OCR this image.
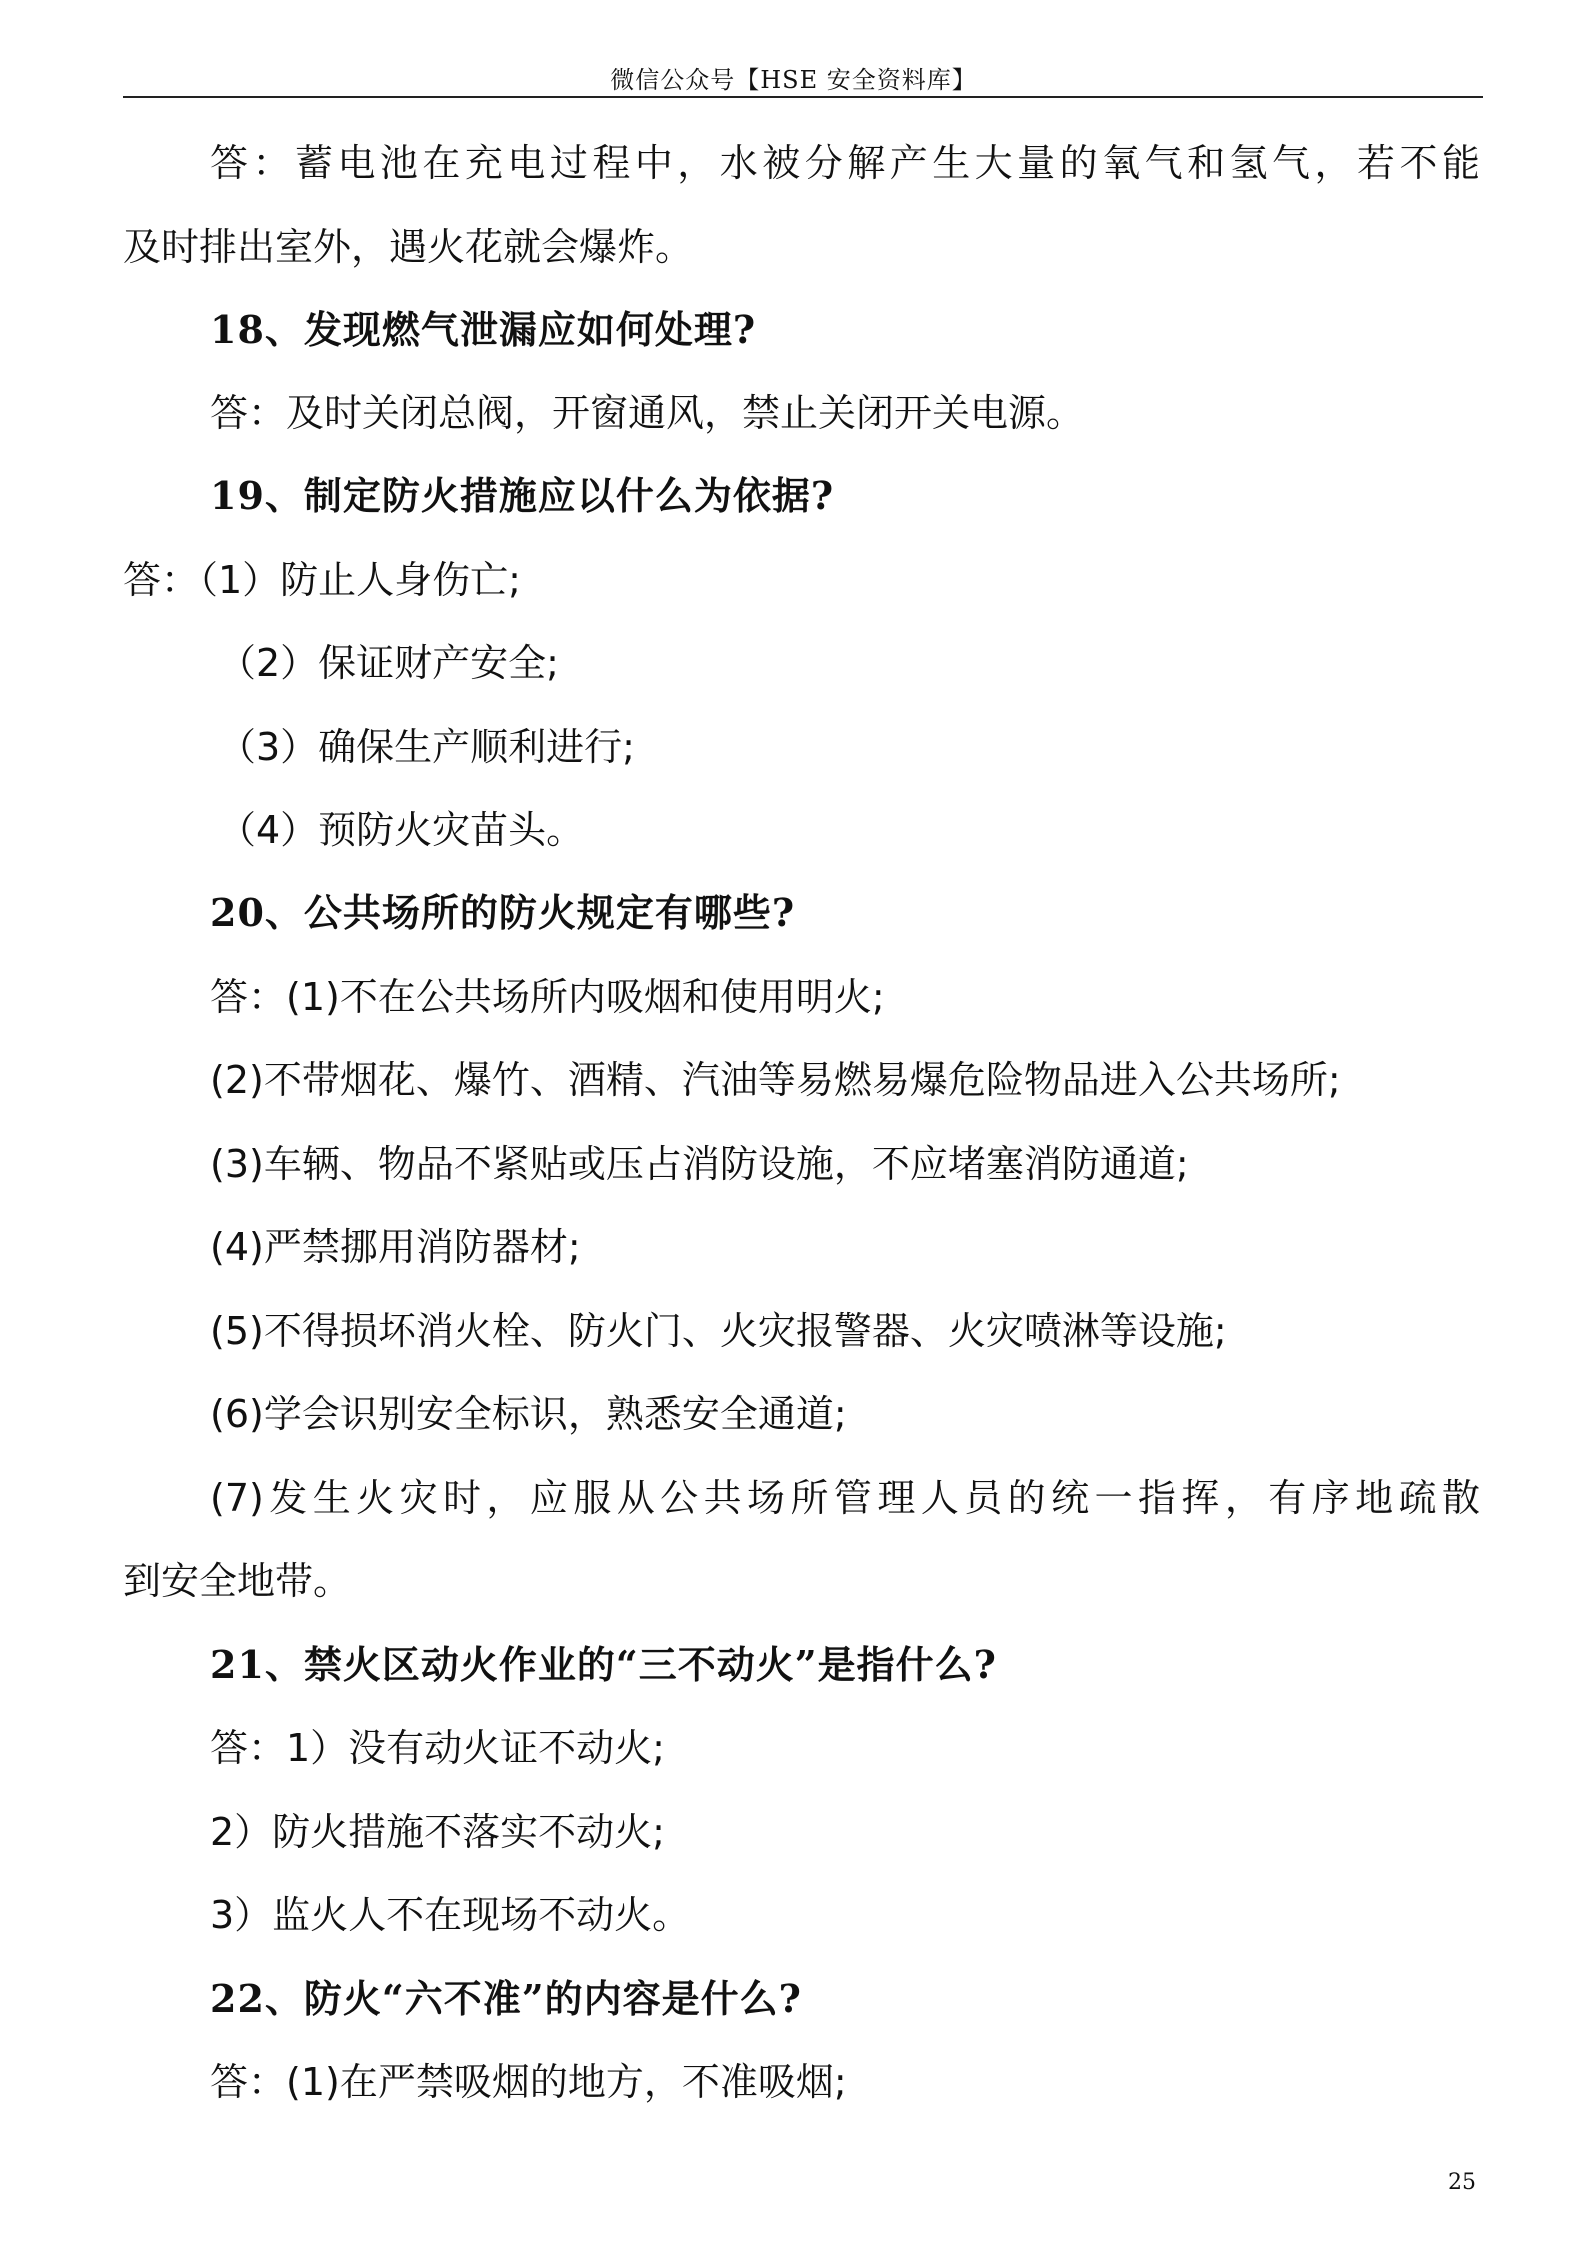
微信公众号【HSE 安全资料库】
答：蓄电池在充电过程中，水被分解产生大量的氧气和氢气，若不能
及时排出室外，遇火花就会爆炸。
18、发现燃气泄漏应如何处理?
答：及时关闭总阀，开窗通风，禁止关闭开关电源。
19、制定防火措施应以什么为依据?
答：（1）防止人身伤亡;
（2）保证财产安全;
（3）确保生产顺利进行;
（4）预防火灾苗头。
20、公共场所的防火规定有哪些?
答：(1)不在公共场所内吸烟和使用明火;
(2)不带烟花、爆竹、酒精、汽油等易燃易爆危险物品进入公共场所;
(3)车辆、物品不紧贴或压占消防设施，不应堵塞消防通道;
(4)严禁挪用消防器材;
(5)不得损坏消火栓、防火门、火灾报警器、火灾喷淋等设施;
(6)学会识别安全标识，熟悉安全通道;
(7)发生火灾时，应服从公共场所管理人员的统一指挥，有序地疏散
到安全地带。
21、禁火区动火作业的“三不动火”是指什么?
答：1）没有动火证不动火;
2）防火措施不落实不动火;
3）监火人不在现场不动火。
22、防火“六不准”的内容是什么?
答：(1)在严禁吸烟的地方，不准吸烟;
25
